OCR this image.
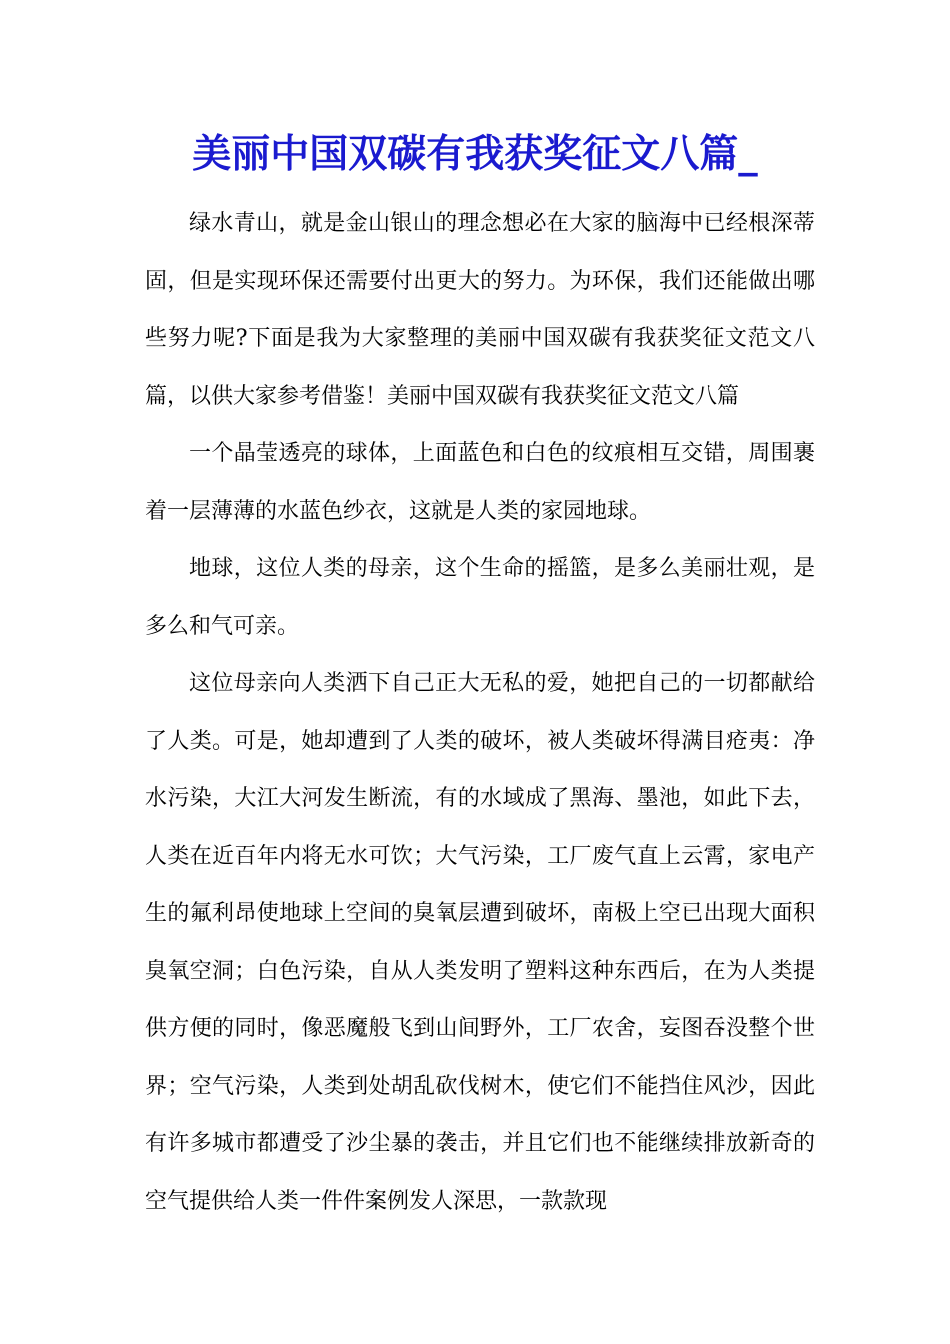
美丽中国双碳有我获奖征文八篇_

绿水青山，就是金山银山的理念想必在大家的脑海中已经根深蒂固，但是实现环保还需要付出更大的努力。为环保，我们还能做出哪些努力呢?下面是我为大家整理的美丽中国双碳有我获奖征文范文八篇，以供大家参考借鉴！美丽中国双碳有我获奖征文范文八篇

一个晶莹透亮的球体，上面蓝色和白色的纹痕相互交错，周围裹着一层薄薄的水蓝色纱衣，这就是人类的家园地球。

地球，这位人类的母亲，这个生命的摇篮，是多么美丽壮观，是多么和气可亲。

这位母亲向人类洒下自己正大无私的爱，她把自己的一切都献给了人类。可是，她却遭到了人类的破坏，被人类破坏得满目疮夷：净水污染，大江大河发生断流，有的水域成了黑海、墨池，如此下去，人类在近百年内将无水可饮；大气污染，工厂废气直上云霄，家电产生的氟利昂使地球上空间的臭氧层遭到破坏，南极上空已出现大面积臭氧空洞；白色污染，自从人类发明了塑料这种东西后，在为人类提供方便的同时，像恶魔般飞到山间野外，工厂农舍，妄图吞没整个世界；空气污染，人类到处胡乱砍伐树木，使它们不能挡住风沙，因此有许多城市都遭受了沙尘暴的袭击，并且它们也不能继续排放新奇的空气提供给人类一件件案例发人深思，一款款现
